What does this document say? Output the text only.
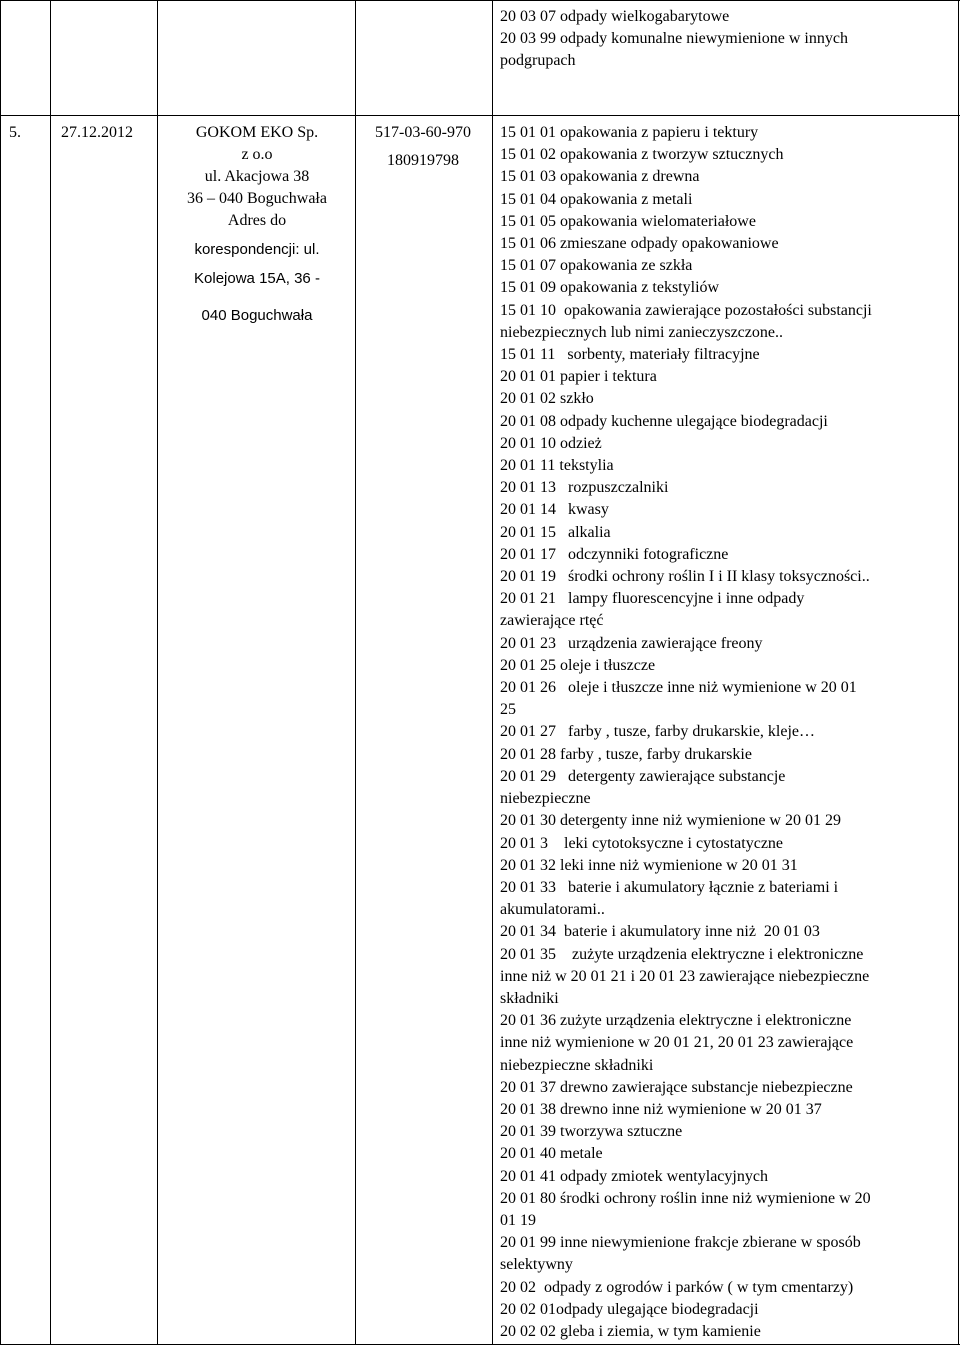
20 03 07 odpady wielkogabarytowe
20 03 99 odpady komunalne niewymienione w innych
podgrupach
5.	27.12.2012	GOKOM EKO Sp.
z o.o
ul. Akacjowa 38
36 – 040 Boguchwała
Adres do
korespondencji: ul.
Kolejowa 15A, 36 -
040 Boguchwała
517-03-60-970
180919798
15 01 01 opakowania z papieru i tektury
15 01 02 opakowania z tworzyw sztucznych
15 01 03 opakowania z drewna
15 01 04 opakowania z metali
15 01 05 opakowania wielomateriałowe
15 01 06 zmieszane odpady opakowaniowe
15 01 07 opakowania ze szkła
15 01 09 opakowania z tekstyliów
15 01 10  opakowania zawierające pozostałości substancji
niebezpiecznych lub nimi zanieczyszczone..
15 01 11   sorbenty, materiały filtracyjne
20 01 01 papier i tektura
20 01 02 szkło
20 01 08 odpady kuchenne ulegające biodegradacji
20 01 10 odzież
20 01 11 tekstylia
20 01 13   rozpuszczalniki
20 01 14   kwasy
20 01 15   alkalia
20 01 17   odczynniki fotograficzne
20 01 19   środki ochrony roślin I i II klasy toksyczności..
20 01 21   lampy fluorescencyjne i inne odpady
zawierające rtęć
20 01 23   urządzenia zawierające freony
20 01 25 oleje i tłuszcze
20 01 26   oleje i tłuszcze inne niż wymienione w 20 01
25
20 01 27   farby , tusze, farby drukarskie, kleje…
20 01 28 farby , tusze, farby drukarskie
20 01 29   detergenty zawierające substancje
niebezpieczne
20 01 30 detergenty inne niż wymienione w 20 01 29
20 01 3    leki cytotoksyczne i cytostatyczne
20 01 32 leki inne niż wymienione w 20 01 31
20 01 33   baterie i akumulatory łącznie z bateriami i
akumulatorami..
20 01 34  baterie i akumulatory inne niż  20 01 03
20 01 35    zużyte urządzenia elektryczne i elektroniczne
inne niż w 20 01 21 i 20 01 23 zawierające niebezpieczne
składniki
20 01 36 zużyte urządzenia elektryczne i elektroniczne
inne niż wymienione w 20 01 21, 20 01 23 zawierające
niebezpieczne składniki
20 01 37 drewno zawierające substancje niebezpieczne
20 01 38 drewno inne niż wymienione w 20 01 37
20 01 39 tworzywa sztuczne
20 01 40 metale
20 01 41 odpady zmiotek wentylacyjnych
20 01 80 środki ochrony roślin inne niż wymienione w 20
01 19
20 01 99 inne niewymienione frakcje zbierane w sposób
selektywny
20 02  odpady z ogrodów i parków ( w tym cmentarzy)
20 02 01odpady ulegające biodegradacji
20 02 02 gleba i ziemia, w tym kamienie
